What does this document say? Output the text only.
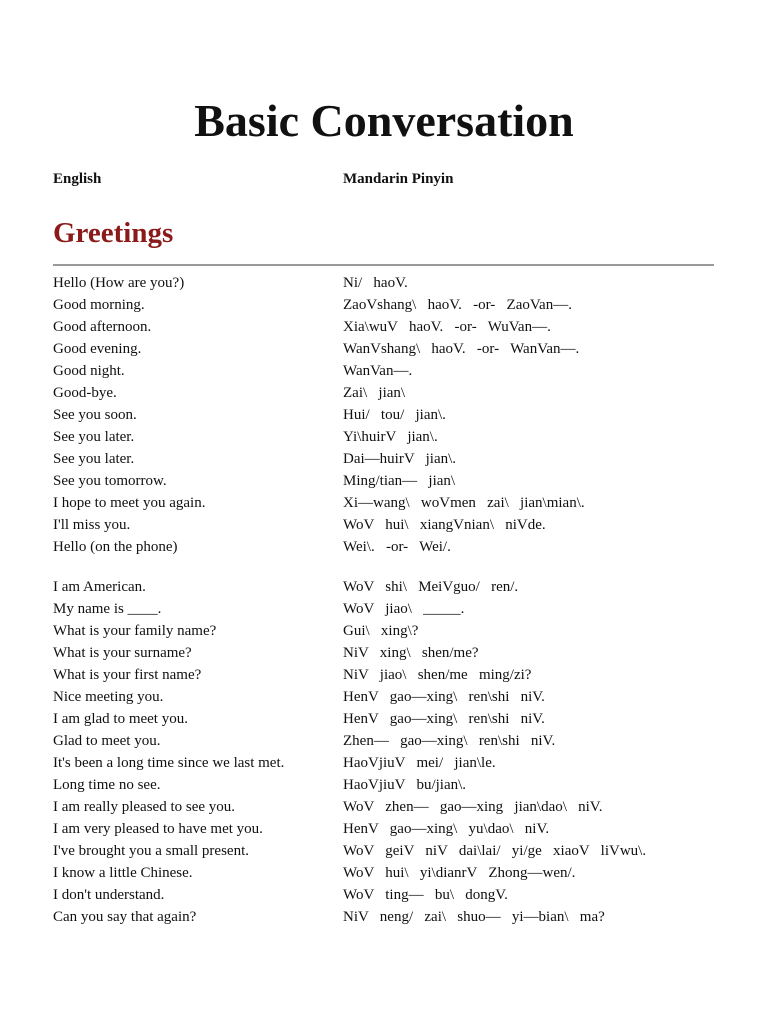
Basic Conversation
English	Mandarin Pinyin
Greetings
Hello (How are you?)	Ni/   haoV.
Good morning.	ZaoVshang\   haoV.   -or-   ZaoVan—.
Good afternoon.	Xia\wuV   haoV.   -or-   WuVan—.
Good evening.	WanVshang\   haoV.   -or-   WanVan—.
Good night.	WanVan—.
Good-bye.	Zai\   jian\
See you soon.	Hui/   tou/   jian\.
See you later.	Yi\huirV   jian\.
See you later.	Dai—huirV   jian\.
See you tomorrow.	Ming/tian—   jian\
I hope to meet you again.	Xi—wang\   woVmen   zai\   jian\mian\.
I'll miss you.	WoV   hui\   xiangVnian\   niVde.
Hello (on the phone)	Wei\.   -or-   Wei/.
I am American.	WoV   shi\   MeiVguo/   ren/.
My name is ____.	WoV   jiao\   _____.
What is your family name?	Gui\   xing\?
What is your surname?	NiV   xing\   shen/me?
What is your first name?	NiV   jiao\   shen/me   ming/zi?
Nice meeting you.	HenV   gao—xing\   ren\shi   niV.
I am glad to meet you.	HenV   gao—xing\   ren\shi   niV.
Glad to meet you.	Zhen—   gao—xing\   ren\shi   niV.
It's been a long time since we last met.	HaoVjiuV   mei/   jian\le.
Long time no see.	HaoVjiuV   bu/jian\.
I am really pleased to see you.	WoV   zhen—   gao—xing   jian\dao\   niV.
I am very pleased to have met you.	HenV   gao—xing\   yu\dao\   niV.
I've brought you a small present.	WoV   geiV   niV   dai\lai/   yi/ge   xiaoV   liVwu\.
I know a little Chinese.	WoV   hui\   yi\dianrV   Zhong—wen/.
I don't understand.	WoV   ting—   bu\   dongV.
Can you say that again?	NiV   neng/   zai\   shuo—   yi—bian\   ma?
